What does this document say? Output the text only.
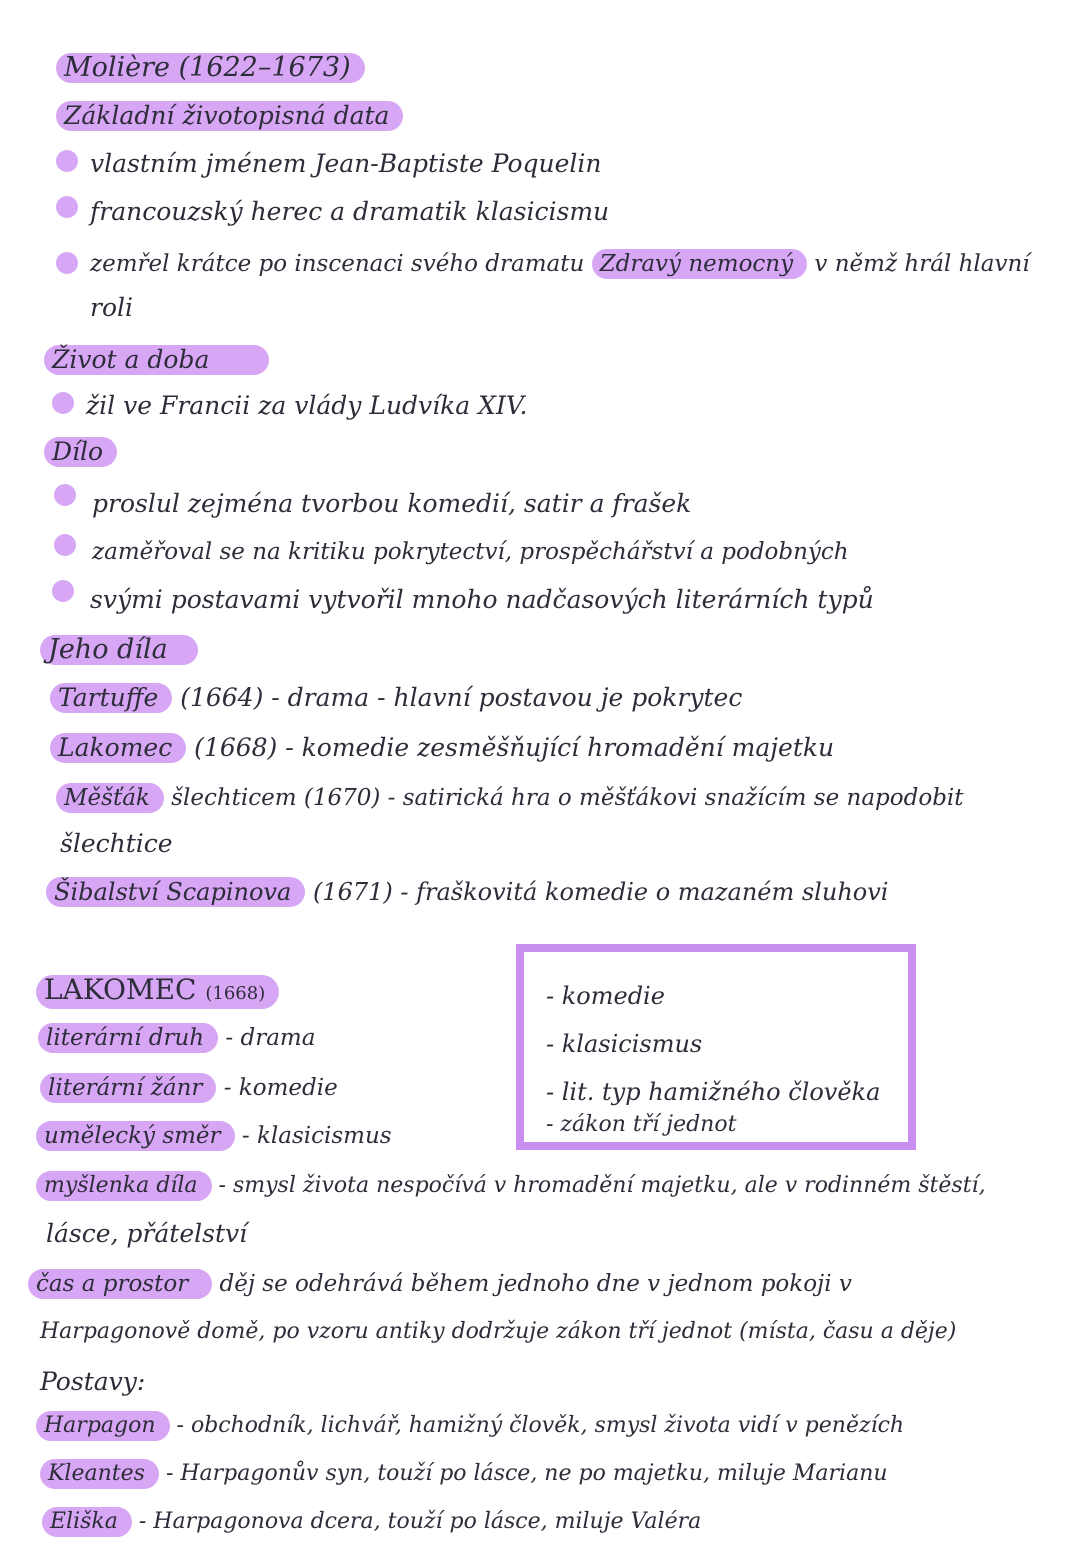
Molière (1622–1673)
Základní životopisná data
vlastním jménem Jean-Baptiste Poquelin
francouzský herec a dramatik klasicismu
zemřel krátce po inscenaci svého dramatu Zdravý nemocný v němž hrál hlavní
roli
Život a doba
žil ve Francii za vlády Ludvíka XIV.
Dílo
proslul zejména tvorbou komedií, satir a frašek
zaměřoval se na kritiku pokrytectví, prospěchářství a podobných
svými postavami vytvořil mnoho nadčasových literárních typů
Jeho díla
Tartuffe (1664) - drama - hlavní postavou je pokrytec
Lakomec (1668) - komedie zesměšňující hromadění majetku
Měšťák šlechticem (1670) - satirická hra o měšťákovi snažícím se napodobit
šlechtice
Šibalství Scapinova (1671) - fraškovitá komedie o mazaném sluhovi
LAKOMEC (1668)	- komedie
- klasicismus
- lit. typ hamižného člověka
- zákon tří jednot
literární druh - drama
literární žánr - komedie
umělecký směr - klasicismus
myšlenka díla - smysl života nespočívá v hromadění majetku, ale v rodinném štěstí,
lásce, přátelství
čas a prostor děj se odehrává během jednoho dne v jednom pokoji v
Harpagonově domě, po vzoru antiky dodržuje zákon tří jednot (místa, času a děje)
Postavy:
Harpagon - obchodník, lichvář, hamižný člověk, smysl života vidí v penězích
Kleantes - Harpagonův syn, touží po lásce, ne po majetku, miluje Marianu
Eliška - Harpagonova dcera, touží po lásce, miluje Valéra
